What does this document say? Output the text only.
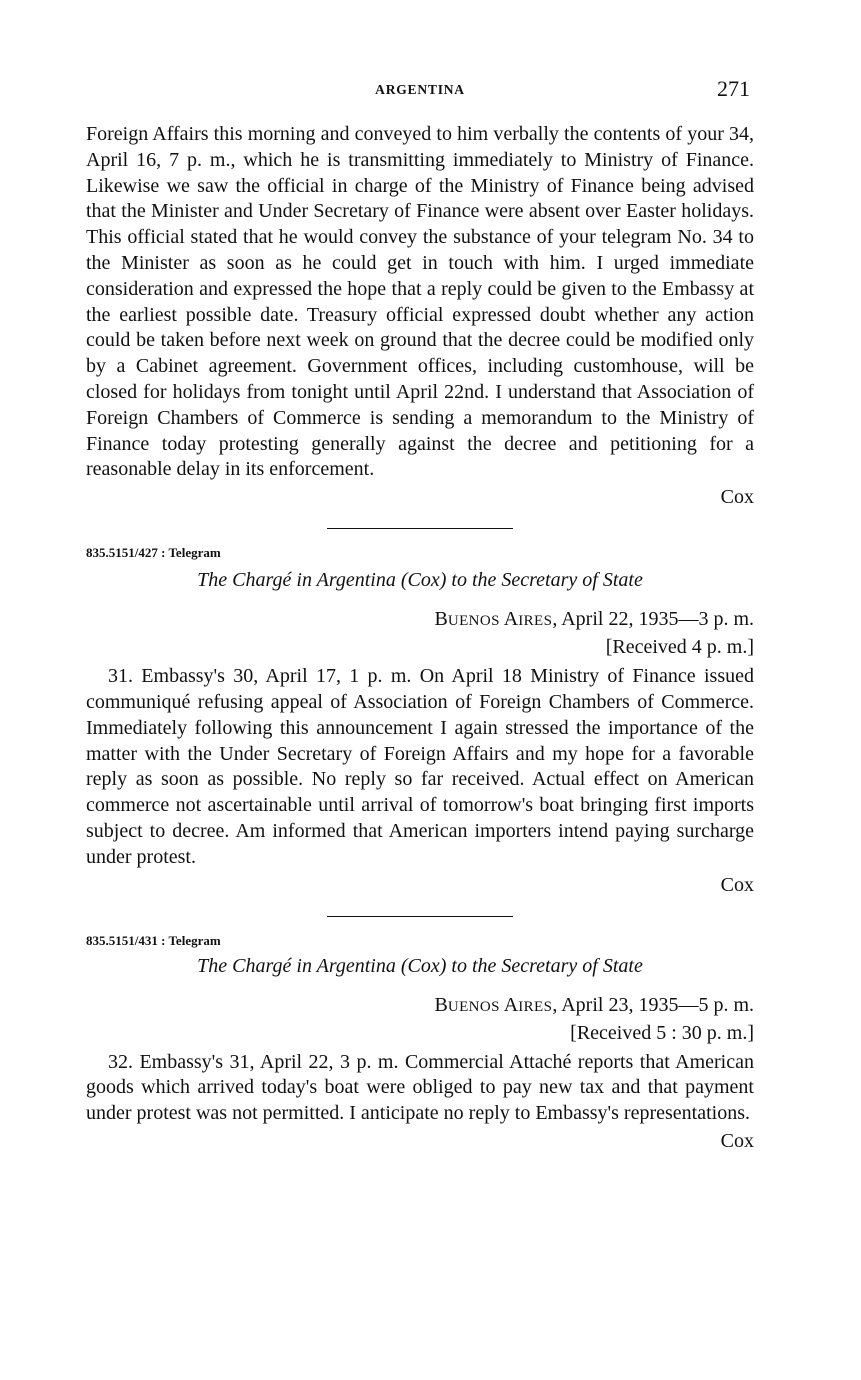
ARGENTINA	271

Foreign Affairs this morning and conveyed to him verbally the contents of your 34, April 16, 7 p. m., which he is transmitting immediately to Ministry of Finance. Likewise we saw the official in charge of the Ministry of Finance being advised that the Minister and Under Secretary of Finance were absent over Easter holidays. This official stated that he would convey the substance of your telegram No. 34 to the Minister as soon as he could get in touch with him. I urged immediate consideration and expressed the hope that a reply could be given to the Embassy at the earliest possible date. Treasury official expressed doubt whether any action could be taken before next week on ground that the decree could be modified only by a Cabinet agreement. Government offices, including customhouse, will be closed for holidays from tonight until April 22nd. I understand that Association of Foreign Chambers of Commerce is sending a memorandum to the Ministry of Finance today protesting generally against the decree and petitioning for a reasonable delay in its enforcement.

Cox

835.5151/427 : Telegram

The Chargé in Argentina (Cox) to the Secretary of State

BUENOS AIRES, April 22, 1935—3 p. m.

[Received 4 p. m.]

31. Embassy's 30, April 17, 1 p. m. On April 18 Ministry of Finance issued communiqué refusing appeal of Association of Foreign Chambers of Commerce. Immediately following this announcement I again stressed the importance of the matter with the Under Secretary of Foreign Affairs and my hope for a favorable reply as soon as possible. No reply so far received. Actual effect on American commerce not ascertainable until arrival of tomorrow's boat bringing first imports subject to decree. Am informed that American importers intend paying surcharge under protest.

Cox

835.5151/431 : Telegram

The Chargé in Argentina (Cox) to the Secretary of State

BUENOS AIRES, April 23, 1935—5 p. m.

[Received 5 : 30 p. m.]

32. Embassy's 31, April 22, 3 p. m. Commercial Attaché reports that American goods which arrived today's boat were obliged to pay new tax and that payment under protest was not permitted. I anticipate no reply to Embassy's representations.

Cox
